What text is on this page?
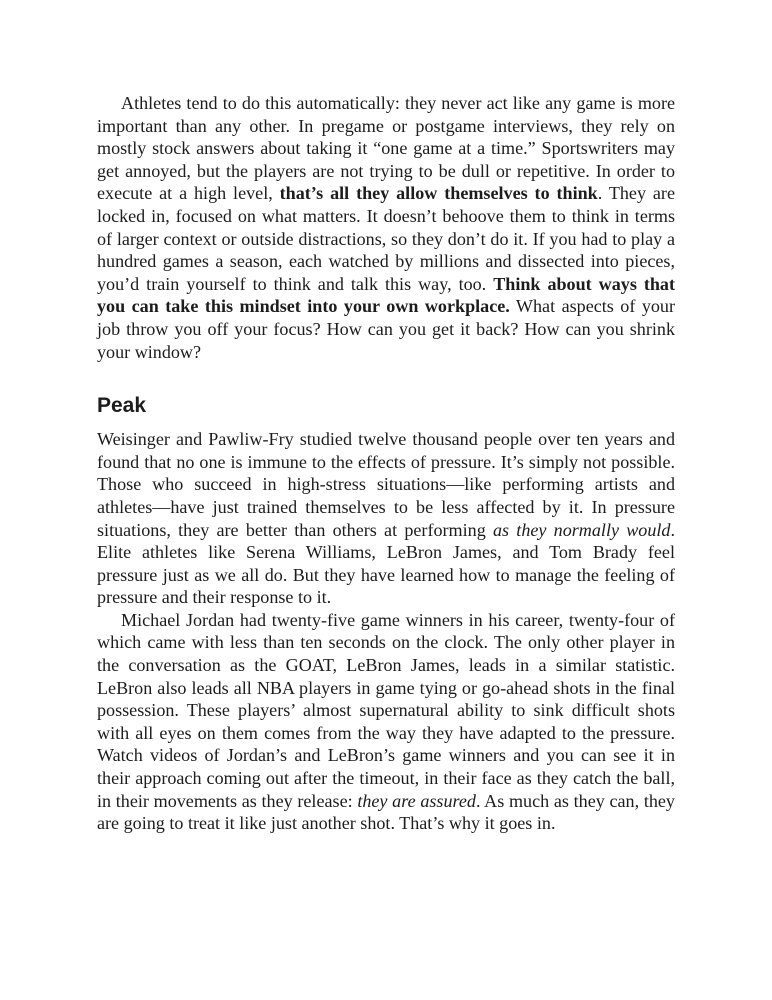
Athletes tend to do this automatically: they never act like any game is more important than any other. In pregame or postgame interviews, they rely on mostly stock answers about taking it “one game at a time.” Sportswriters may get annoyed, but the players are not trying to be dull or repetitive. In order to execute at a high level, that’s all they allow themselves to think. They are locked in, focused on what matters. It doesn’t behoove them to think in terms of larger context or outside distractions, so they don’t do it. If you had to play a hundred games a season, each watched by millions and dissected into pieces, you’d train yourself to think and talk this way, too. Think about ways that you can take this mindset into your own workplace. What aspects of your job throw you off your focus? How can you get it back? How can you shrink your window?

Peak

Weisinger and Pawliw-Fry studied twelve thousand people over ten years and found that no one is immune to the effects of pressure. It’s simply not possible. Those who succeed in high-stress situations—like performing artists and athletes—have just trained themselves to be less affected by it. In pressure situations, they are better than others at performing as they normally would. Elite athletes like Serena Williams, LeBron James, and Tom Brady feel pressure just as we all do. But they have learned how to manage the feeling of pressure and their response to it.

Michael Jordan had twenty-five game winners in his career, twenty-four of which came with less than ten seconds on the clock. The only other player in the conversation as the GOAT, LeBron James, leads in a similar statistic. LeBron also leads all NBA players in game tying or go-ahead shots in the final possession. These players’ almost supernatural ability to sink difficult shots with all eyes on them comes from the way they have adapted to the pressure. Watch videos of Jordan’s and LeBron’s game winners and you can see it in their approach coming out after the timeout, in their face as they catch the ball, in their movements as they release: they are assured. As much as they can, they are going to treat it like just another shot. That’s why it goes in.
